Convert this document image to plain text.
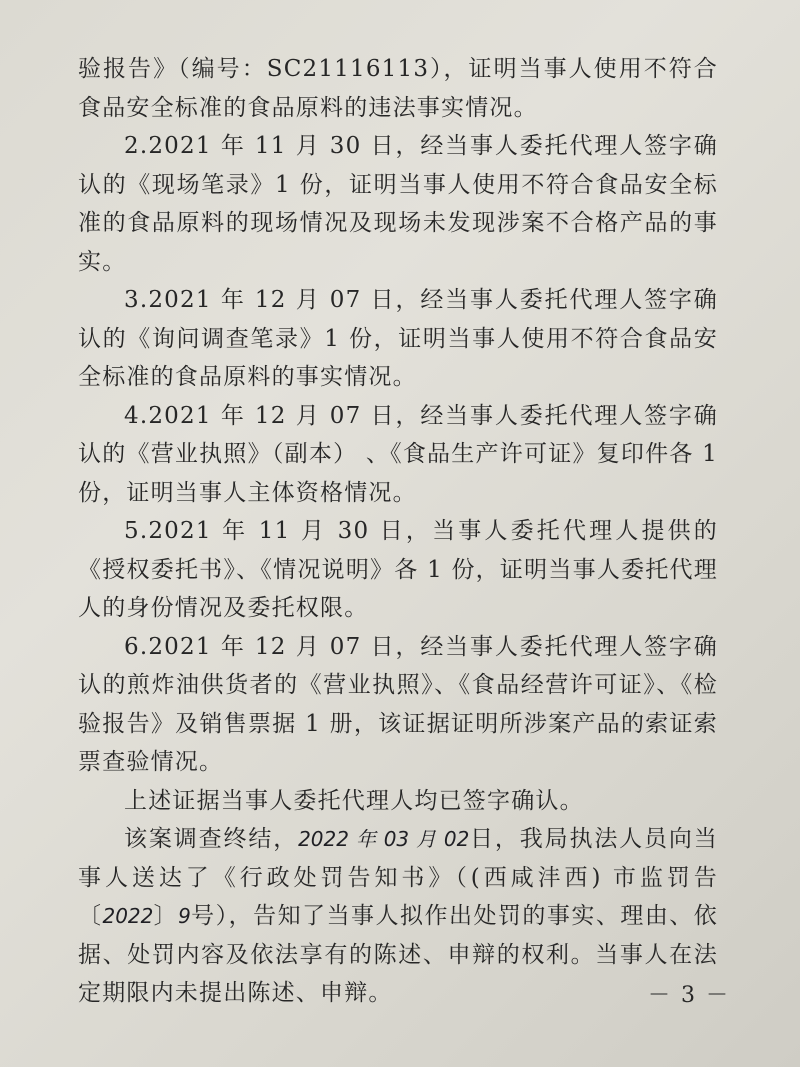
验报告》（编号：SC21116113），证明当事人使用不符合食品安全标准的食品原料的违法事实情况。

2.2021 年 11 月 30 日，经当事人委托代理人签字确认的《现场笔录》1 份，证明当事人使用不符合食品安全标准的食品原料的现场情况及现场未发现涉案不合格产品的事实。

3.2021 年 12 月 07 日，经当事人委托代理人签字确认的《询问调查笔录》1 份，证明当事人使用不符合食品安全标准的食品原料的事实情况。

4.2021 年 12 月 07 日，经当事人委托代理人签字确认的《营业执照》（副本） 、《食品生产许可证》复印件各 1 份，证明当事人主体资格情况。

5.2021 年 11 月 30 日，当事人委托代理人提供的《授权委托书》、《情况说明》各 1 份，证明当事人委托代理人的身份情况及委托权限。

6.2021 年 12 月 07 日，经当事人委托代理人签字确认的煎炸油供货者的《营业执照》、《食品经营许可证》、《检验报告》及销售票据 1 册，该证据证明所涉案产品的索证索票查验情况。

上述证据当事人委托代理人均已签字确认。

该案调查终结，2022 年 03 月 02日，我局执法人员向当事人送达了《行政处罚告知书》（(西咸沣西) 市监罚告〔2022〕9号），告知了当事人拟作出处罚的事实、理由、依据、处罚内容及依法享有的陈述、申辩的权利。当事人在法定期限内未提出陈述、申辩。	－ 3 －
